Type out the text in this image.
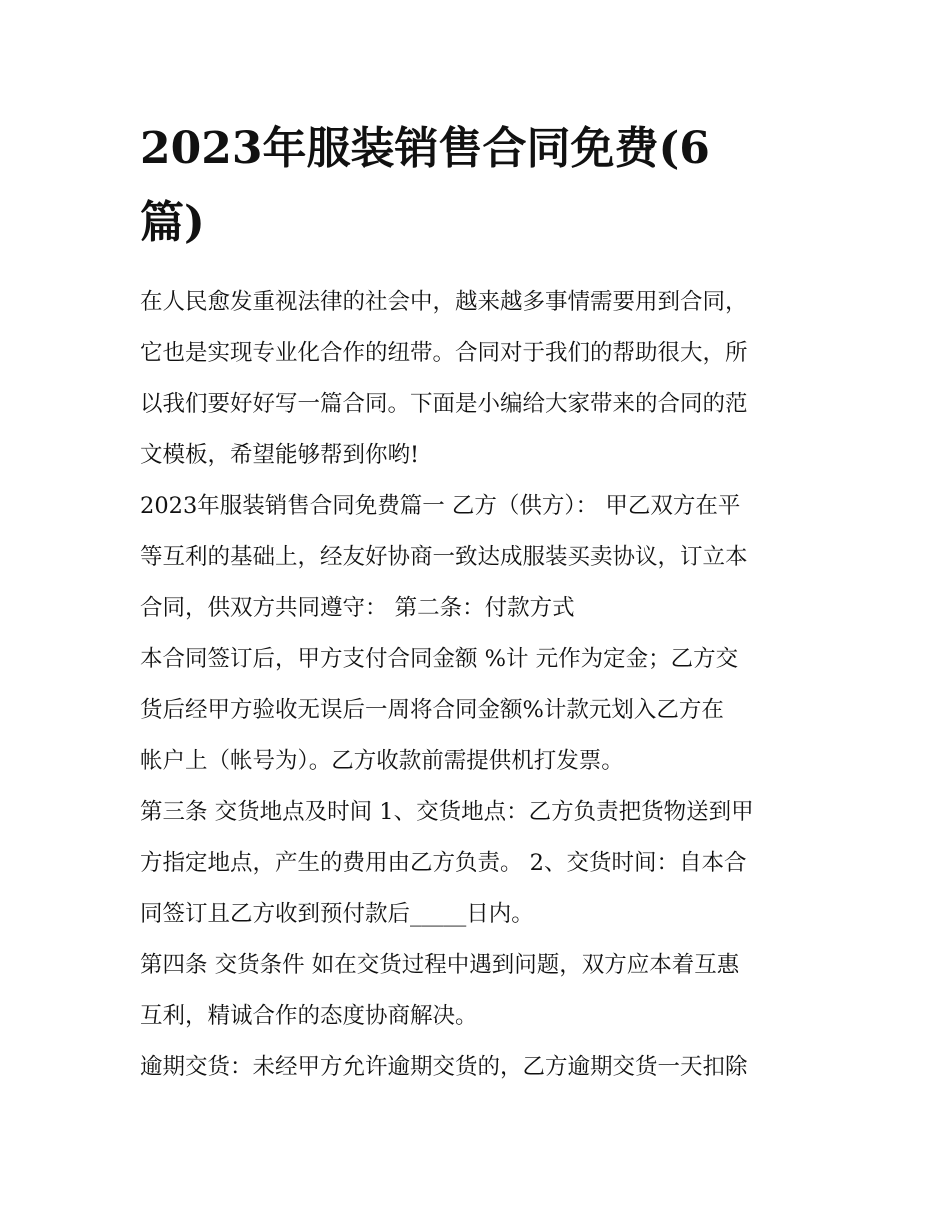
2023年服装销售合同免费(6
篇)

在人民愈发重视法律的社会中，越来越多事情需要用到合同，
它也是实现专业化合作的纽带。合同对于我们的帮助很大，所
以我们要好好写一篇合同。下面是小编给大家带来的合同的范
文模板，希望能够帮到你哟!

2023年服装销售合同免费篇一 乙方（供方）： 甲乙双方在平
等互利的基础上，经友好协商一致达成服装买卖协议，订立本
合同，供双方共同遵守： 第二条：付款方式

本合同签订后，甲方支付合同金额 %计 元作为定金；乙方交
货后经甲方验收无误后一周将合同金额%计款元划入乙方在
帐户上（帐号为）。乙方收款前需提供机打发票。

第三条 交货地点及时间 1、交货地点：乙方负责把货物送到甲
方指定地点，产生的费用由乙方负责。 2、交货时间：自本合
同签订且乙方收到预付款后_____日内。

第四条 交货条件 如在交货过程中遇到问题，双方应本着互惠
互利，精诚合作的态度协商解决。

逾期交货：未经甲方允许逾期交货的，乙方逾期交货一天扣除
